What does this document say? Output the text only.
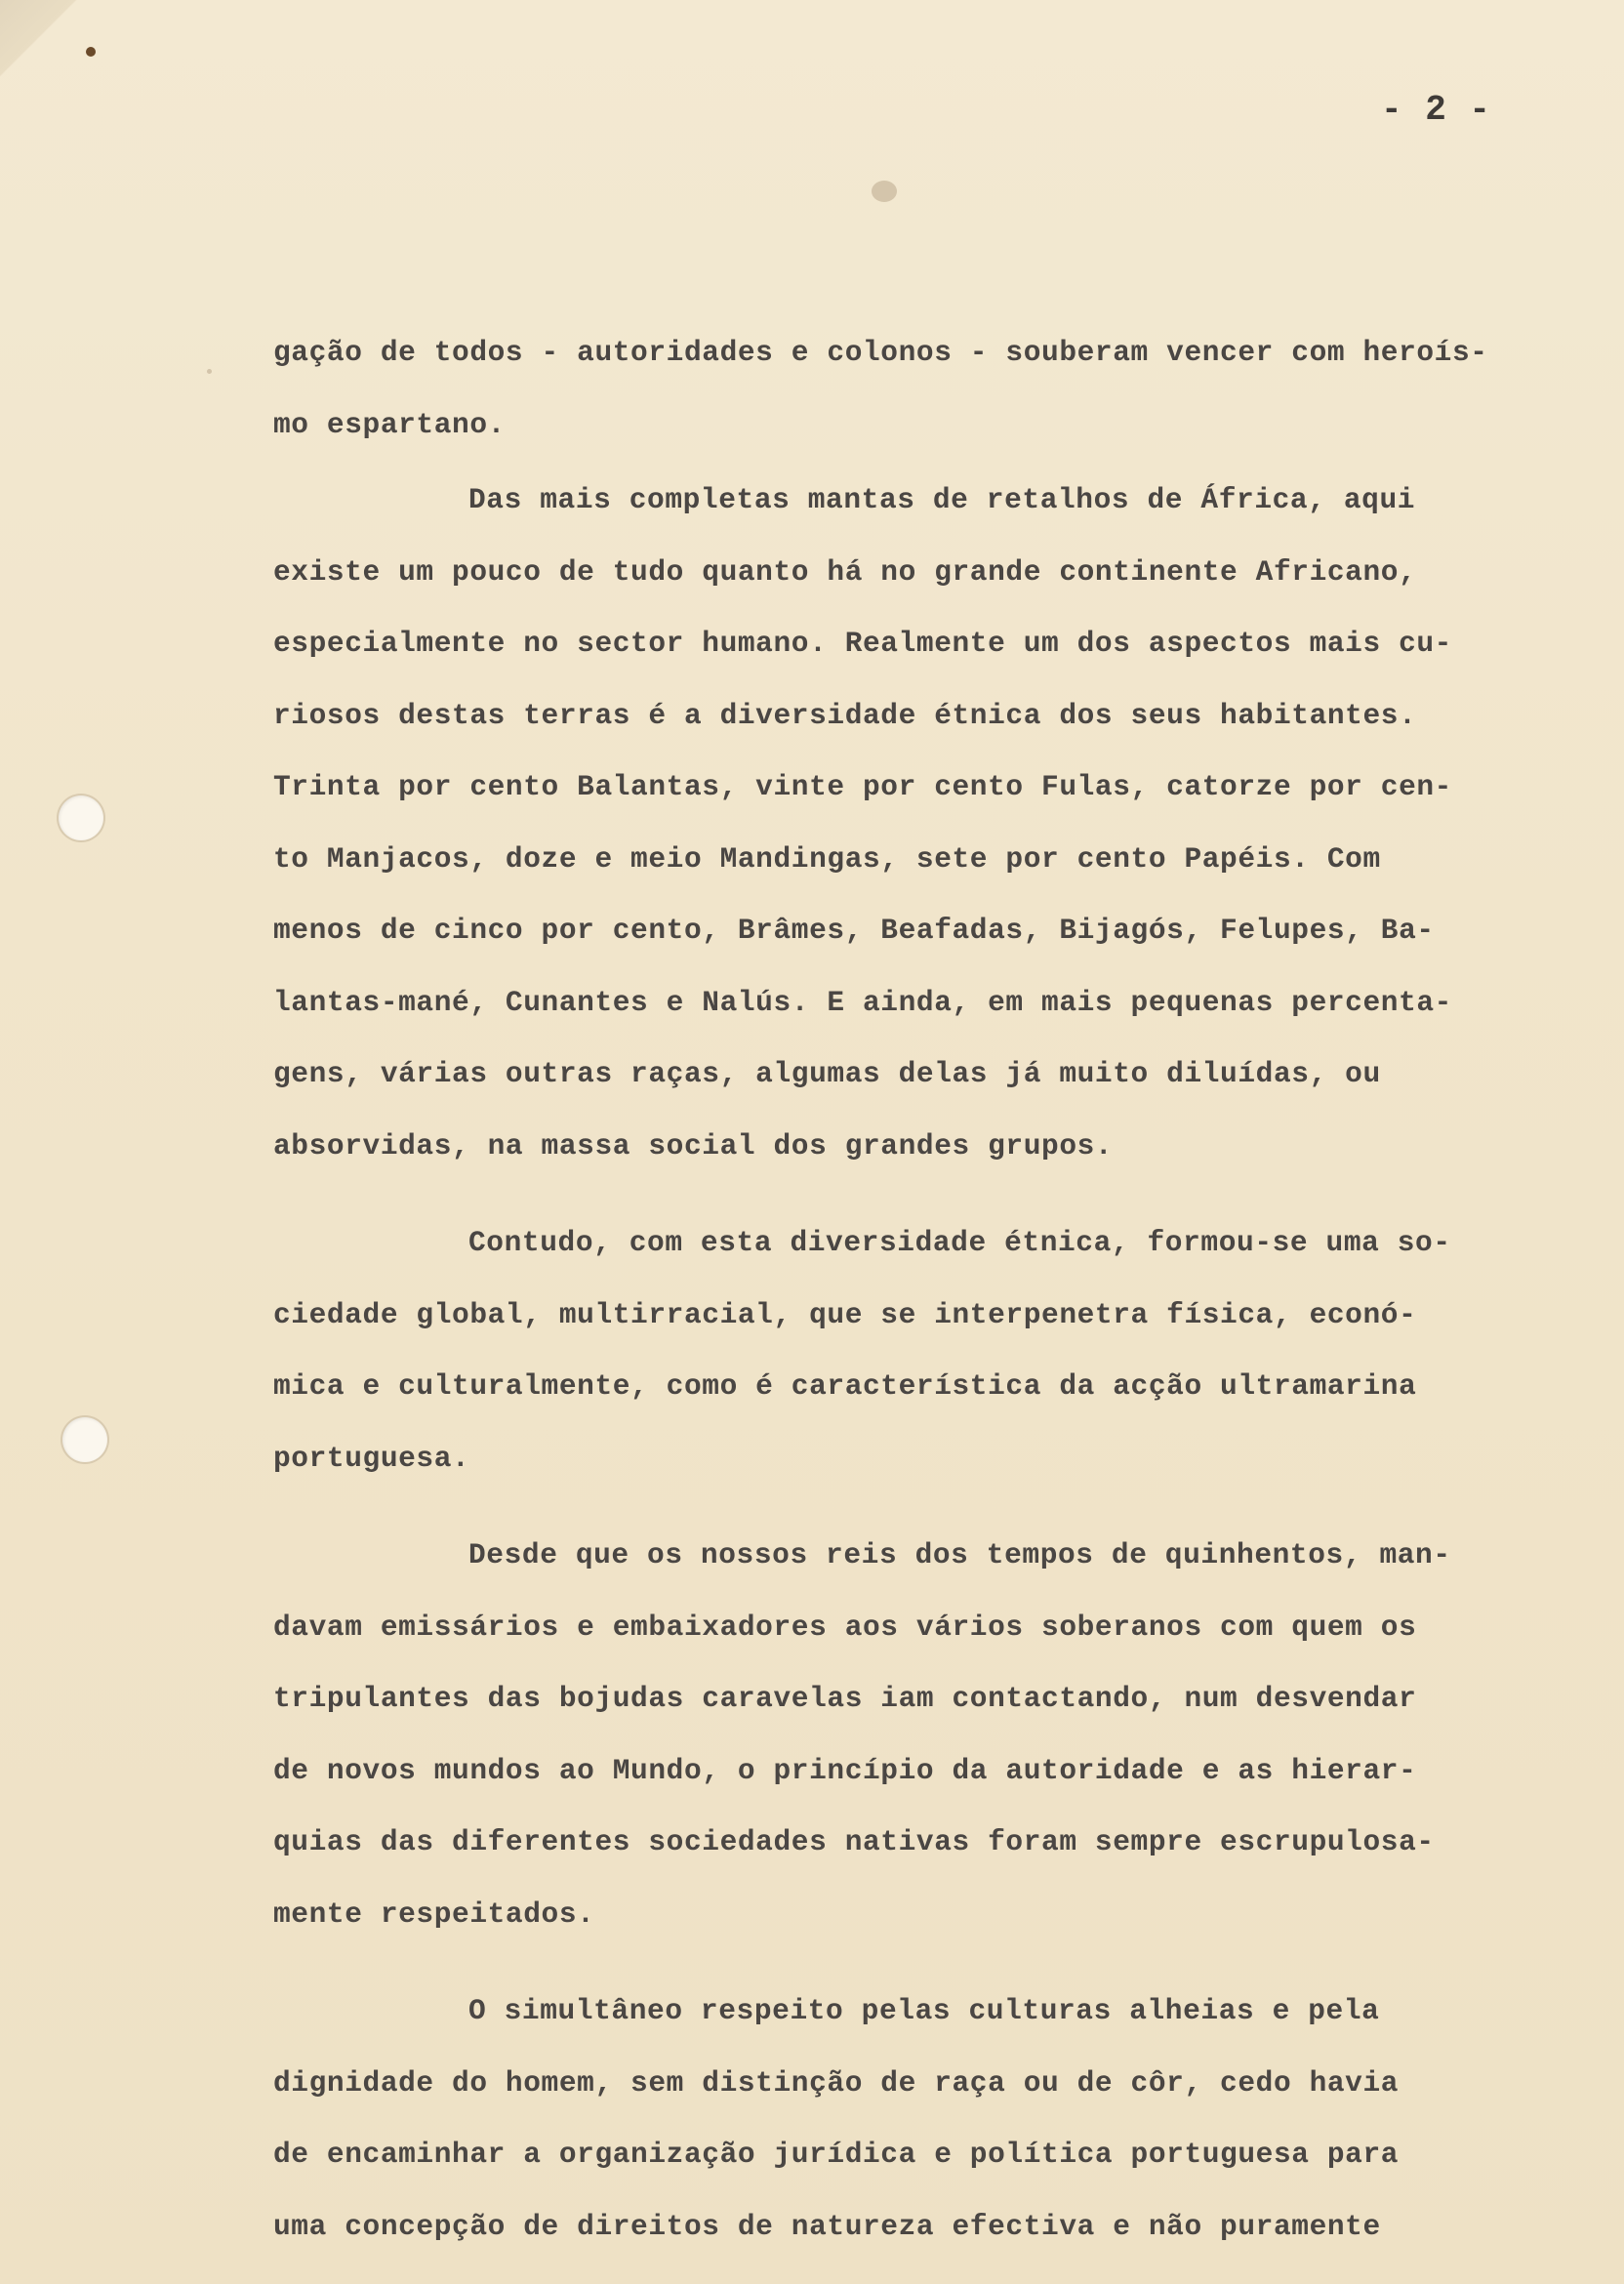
- 2 -
gação de todos - autoridades e colonos - souberam vencer com heroís-
mo espartano.
Das mais completas mantas de retalhos de África, aqui
existe um pouco de tudo quanto há no grande continente Africano,
especialmente no sector humano. Realmente um dos aspectos mais cu-
riosos destas terras é a diversidade étnica dos seus habitantes.
Trinta por cento Balantas, vinte por cento Fulas, catorze por cen-
to Manjacos, doze e meio Mandingas, sete por cento Papéis. Com
menos de cinco por cento, Brâmes, Beafadas, Bijagós, Felupes, Ba-
lantas-mané, Cunantes e Nalús. E ainda, em mais pequenas percenta-
gens, várias outras raças, algumas delas já muito diluídas, ou
absorvidas, na massa social dos grandes grupos.
Contudo, com esta diversidade étnica, formou-se uma so-
ciedade global, multirracial, que se interpenetra física, econó-
mica e culturalmente, como é característica da acção ultramarina
portuguesa.
Desde que os nossos reis dos tempos de quinhentos, man-
davam emissários e embaixadores aos vários soberanos com quem os
tripulantes das bojudas caravelas iam contactando, num desvendar
de novos mundos ao Mundo, o princípio da autoridade e as hierar-
quias das diferentes sociedades nativas foram sempre escrupulosa-
mente respeitados.
O simultâneo respeito pelas culturas alheias e pela
dignidade do homem, sem distinção de raça ou de côr, cedo havia
de encaminhar a organização jurídica e política portuguesa para
uma concepção de direitos de natureza efectiva e não puramente
